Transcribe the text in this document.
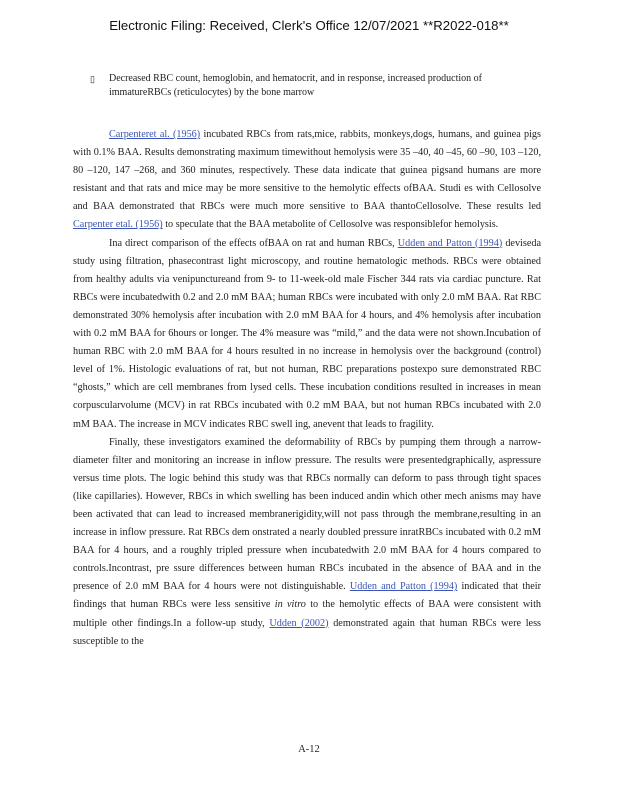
Electronic Filing: Received, Clerk's Office 12/07/2021 **R2022-018**
▯ Decreased RBC count, hemoglobin, and hematocrit, and in response, increased production of immatureRBCs (reticulocytes) by the bone marrow

Carpenteret al. (1956) incubated RBCs from rats,mice, rabbits, monkeys,dogs, humans, and guinea pigs with 0.1% BAA. Results demonstrating maximum timewithout hemolysis were 35 –40, 40 –45, 60 –90, 103 –120, 80 –120, 147 –268, and 360 minutes, respectively. These data indicate that guinea pigsand humans are more resistant and that rats and mice may be more sensitive to the hemolytic effects ofBAA. Studi es with Cellosolve and BAA demonstrated that RBCs were much more sensitive to BAA thantoCellosolve. These results led Carpenter etal. (1956) to speculate that the BAA metabolite of Cellosolve was responsiblefor hemolysis.

Ina direct comparison of the effects ofBAA on rat and human RBCs, Udden and Patton (1994) deviseda study using filtration, phasecontrast light microscopy, and routine hematologic methods. RBCs were obtained from healthy adults via venipunctureand from 9- to 11-week-old male Fischer 344 rats via cardiac puncture. Rat RBCs were incubatedwith 0.2 and 2.0 mM BAA; human RBCs were incubated with only 2.0 mM BAA. Rat RBC demonstrated 30% hemolysis after incubation with 2.0 mM BAA for 4 hours, and 4% hemolysis after incubation with 0.2 mM BAA for 6hours or longer. The 4% measure was “mild,” and the data were not shown.Incubation of human RBC with 2.0 mM BAA for 4 hours resulted in no increase in hemolysis over the background (control) level of 1%. Histologic evaluations of rat, but not human, RBC preparations postexpo sure demonstrated RBC “ghosts,” which are cell membranes from lysed cells. These incubation conditions resulted in increases in mean corpuscularvolume (MCV) in rat RBCs incubated with 0.2 mM BAA, but not human RBCs incubated with 2.0 mM BAA. The increase in MCV indicates RBC swell ing, anevent that leads to fragility.

Finally, these investigators examined the deformability of RBCs by pumping them through a narrow-diameter filter and monitoring an increase in inflow pressure. The results were presentedgraphically, aspressure versus time plots. The logic behind this study was that RBCs normally can deform to pass through tight spaces (like capillaries). However, RBCs in which swelling has been induced andin which other mech anisms may have been activated that can lead to increased membranerigidity,will not pass through the membrane,resulting in an increase in inflow pressure. Rat RBCs dem onstrated a nearly doubled pressure inratRBCs incubated with 0.2 mM BAA for 4 hours, and a roughly tripled pressure when incubatedwith 2.0 mM BAA for 4 hours compared to controls.Incontrast, pre ssure differences between human RBCs incubated in the absence of BAA and in the presence of 2.0 mM BAA for 4 hours were not distinguishable. Udden and Patton (1994) indicated that their findings that human RBCs were less sensitive in vitro to the hemolytic effects of BAA were consistent with multiple other findings.In a follow-up study, Udden (2002) demonstrated again that human RBCs were less susceptible to the

A-12
